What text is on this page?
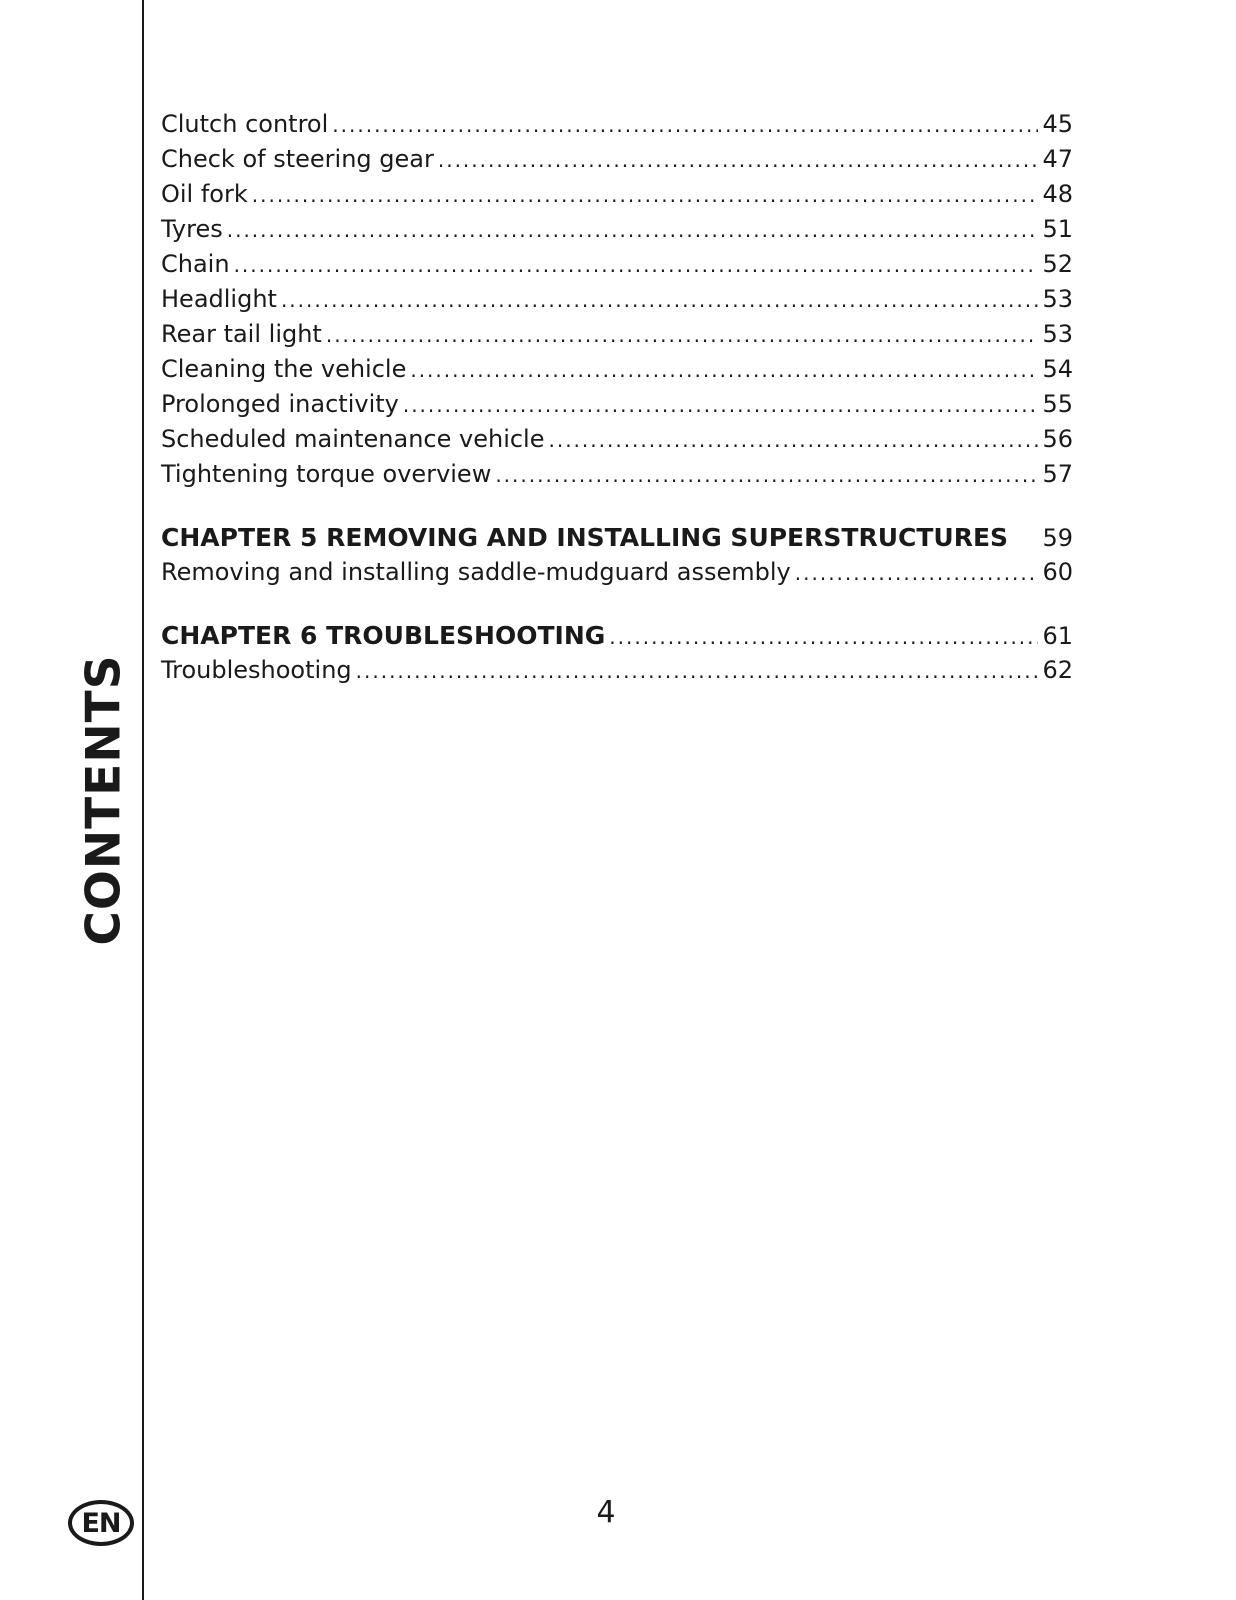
CONTENTS
EN
Clutch control .....	45
Check of steering gear .....	47
Oil fork .....	48
Tyres .....	51
Chain .....	52
Headlight .....	53
Rear tail light .....	53
Cleaning the vehicle .....	54
Prolonged inactivity .....	55
Scheduled maintenance vehicle .....	56
Tightening torque overview .....	57
CHAPTER 5 REMOVING AND INSTALLING SUPERSTRUCTURES 59
Removing and installing saddle-mudguard assembly .....	60
CHAPTER 6 TROUBLESHOOTING .....	61
Troubleshooting .....	62
4
